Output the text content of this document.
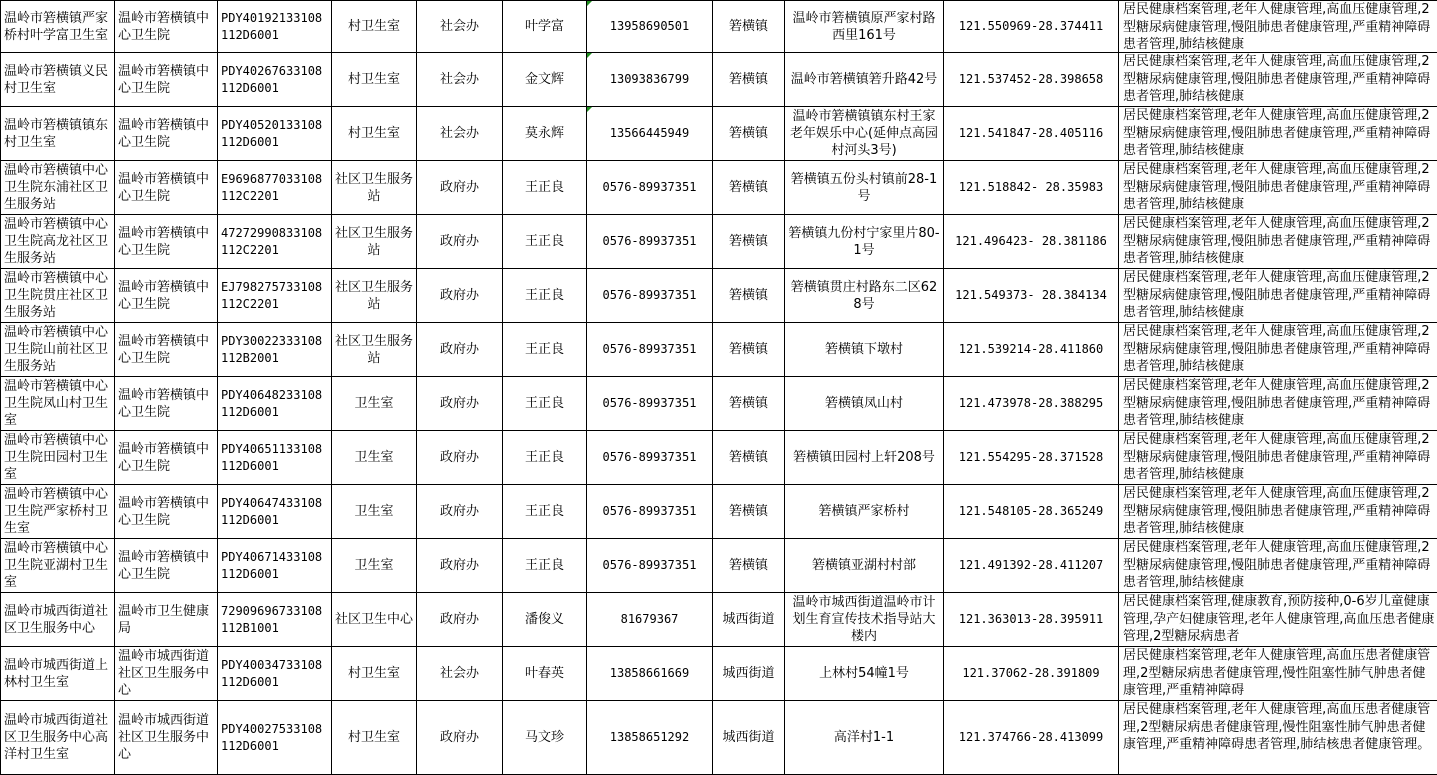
温岭市箬横镇严家桥村叶学富卫生室	温岭市箬横镇中心卫生院	PDY40192133108112D6001	村卫生室	社会办	叶学富	13958690501	箬横镇	温岭市箬横镇原严家村路西里161号	121.550969-28.374411	居民健康档案管理,老年人健康管理,高血压健康管理,2型糖尿病健康管理,慢阻肺患者健康管理,严重精神障碍患者管理,肺结核健康

温岭市箬横镇义民村卫生室	温岭市箬横镇中心卫生院	PDY40267633108112D6001	村卫生室	社会办	金文辉	13093836799	箬横镇	温岭市箬横镇箬升路42号	121.537452-28.398658	居民健康档案管理,老年人健康管理,高血压健康管理,2型糖尿病健康管理,慢阻肺患者健康管理,严重精神障碍患者管理,肺结核健康

温岭市箬横镇镇东村卫生室	温岭市箬横镇中心卫生院	PDY40520133108112D6001	村卫生室	社会办	莫永辉	13566445949	箬横镇	温岭市箬横镇镇东村王家老年娱乐中心(延伸点高园村河头3号)	121.541847-28.405116	居民健康档案管理,老年人健康管理,高血压健康管理,2型糖尿病健康管理,慢阻肺患者健康管理,严重精神障碍患者管理,肺结核健康

温岭市箬横镇中心卫生院东浦社区卫生服务站	温岭市箬横镇中心卫生院	E9696877033108112C2201	社区卫生服务站	政府办	王正良	0576-89937351	箬横镇	箬横镇五份头村镇前28-1号	121.518842- 28.35983	居民健康档案管理,老年人健康管理,高血压健康管理,2型糖尿病健康管理,慢阻肺患者健康管理,严重精神障碍患者管理,肺结核健康

温岭市箬横镇中心卫生院高龙社区卫生服务站	温岭市箬横镇中心卫生院	47272990833108112C2201	社区卫生服务站	政府办	王正良	0576-89937351	箬横镇	箬横镇九份村宁家里片80-1号	121.496423- 28.381186	居民健康档案管理,老年人健康管理,高血压健康管理,2型糖尿病健康管理,慢阻肺患者健康管理,严重精神障碍患者管理,肺结核健康

温岭市箬横镇中心卫生院贯庄社区卫生服务站	温岭市箬横镇中心卫生院	EJ798275733108112C2201	社区卫生服务站	政府办	王正良	0576-89937351	箬横镇	箬横镇贯庄村路东二区628号	121.549373- 28.384134	居民健康档案管理,老年人健康管理,高血压健康管理,2型糖尿病健康管理,慢阻肺患者健康管理,严重精神障碍患者管理,肺结核健康

温岭市箬横镇中心卫生院山前社区卫生服务站	温岭市箬横镇中心卫生院	PDY30022333108112B2001	社区卫生服务站	政府办	王正良	0576-89937351	箬横镇	箬横镇下墩村	121.539214-28.411860	居民健康档案管理,老年人健康管理,高血压健康管理,2型糖尿病健康管理,慢阻肺患者健康管理,严重精神障碍患者管理,肺结核健康

温岭市箬横镇中心卫生院凤山村卫生室	温岭市箬横镇中心卫生院	PDY40648233108112D6001	卫生室	政府办	王正良	0576-89937351	箬横镇	箬横镇凤山村	121.473978-28.388295	居民健康档案管理,老年人健康管理,高血压健康管理,2型糖尿病健康管理,慢阻肺患者健康管理,严重精神障碍患者管理,肺结核健康

温岭市箬横镇中心卫生院田园村卫生室	温岭市箬横镇中心卫生院	PDY40651133108112D6001	卫生室	政府办	王正良	0576-89937351	箬横镇	箬横镇田园村上轩208号	121.554295-28.371528	居民健康档案管理,老年人健康管理,高血压健康管理,2型糖尿病健康管理,慢阻肺患者健康管理,严重精神障碍患者管理,肺结核健康

温岭市箬横镇中心卫生院严家桥村卫生室	温岭市箬横镇中心卫生院	PDY40647433108112D6001	卫生室	政府办	王正良	0576-89937351	箬横镇	箬横镇严家桥村	121.548105-28.365249	居民健康档案管理,老年人健康管理,高血压健康管理,2型糖尿病健康管理,慢阻肺患者健康管理,严重精神障碍患者管理,肺结核健康

温岭市箬横镇中心卫生院亚湖村卫生室	温岭市箬横镇中心卫生院	PDY40671433108112D6001	卫生室	政府办	王正良	0576-89937351	箬横镇	箬横镇亚湖村村部	121.491392-28.411207	居民健康档案管理,老年人健康管理,高血压健康管理,2型糖尿病健康管理,慢阻肺患者健康管理,严重精神障碍患者管理,肺结核健康

温岭市城西街道社区卫生服务中心	温岭市卫生健康局	72909696733108112B1001	社区卫生中心	政府办	潘俊义	81679367	城西街道	温岭市城西街道温岭市计划生育宣传技术指导站大楼内	121.363013-28.395911	居民健康档案管理,健康教育,预防接种,0-6岁儿童健康管理,孕产妇健康管理,老年人健康管理,高血压患者健康管理,2型糖尿病患者

温岭市城西街道上林村卫生室	温岭市城西街道社区卫生服务中心	PDY40034733108112D6001	村卫生室	社会办	叶春英	13858661669	城西街道	上林村54幢1号	121.37062-28.391809	居民健康档案管理,老年人健康管理,高血压患者健康管理,2型糖尿病患者健康管理,慢性阻塞性肺气肿患者健康管理,严重精神障碍

温岭市城西街道社区卫生服务中心高洋村卫生室	温岭市城西街道社区卫生服务中心	PDY40027533108112D6001	村卫生室	政府办	马文珍	13858651292	城西街道	高洋村1-1	121.374766-28.413099	居民健康档案管理,老年人健康管理,高血压患者健康管理,2型糖尿病患者健康管理,慢性阻塞性肺气肿患者健康管理,严重精神障碍患者管理,肺结核患者健康管理。
